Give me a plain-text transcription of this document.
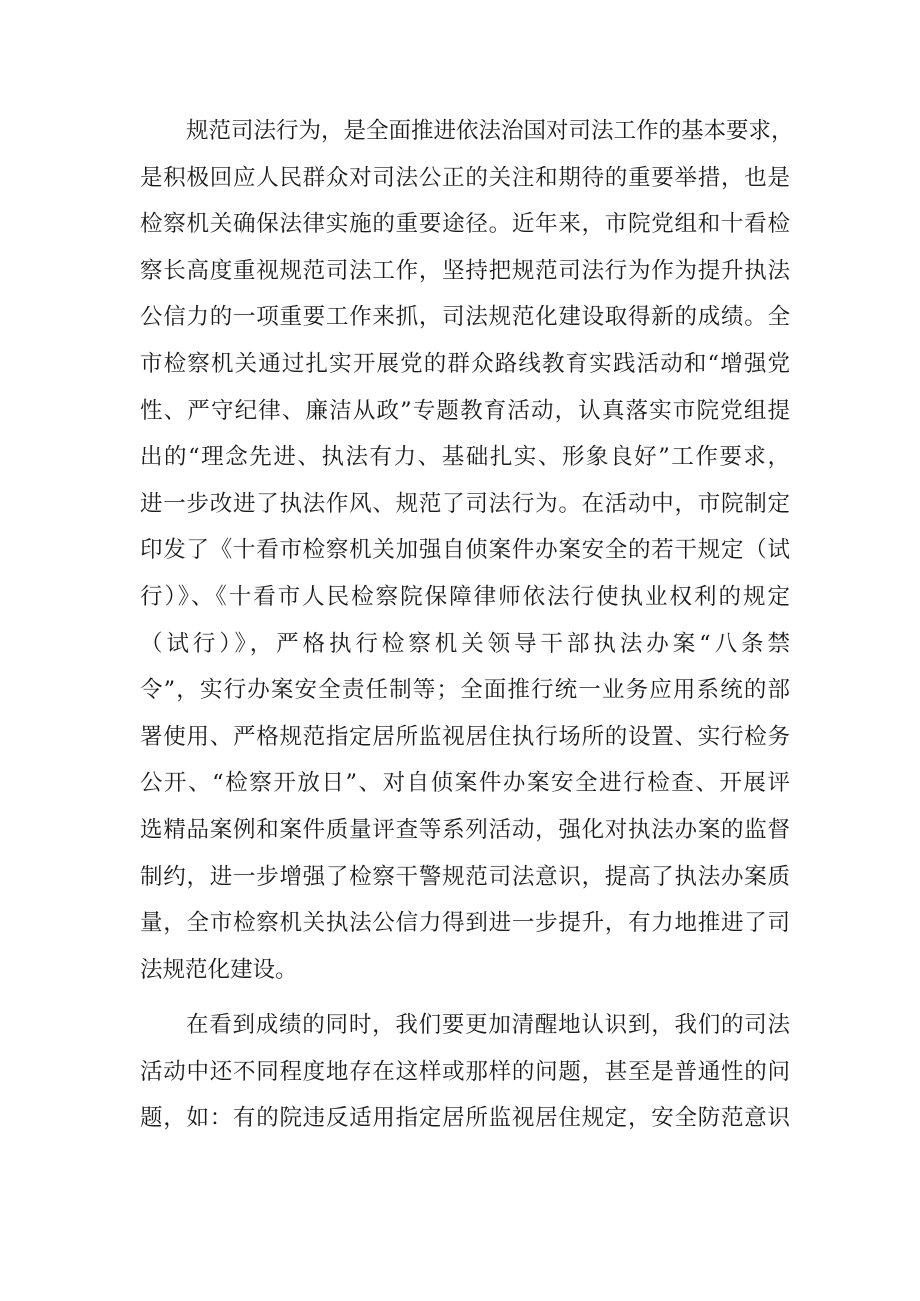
规范司法行为，是全面推进依法治国对司法工作的基本要求，
是积极回应人民群众对司法公正的关注和期待的重要举措，也是
检察机关确保法律实施的重要途径。近年来，市院党组和十看检
察长高度重视规范司法工作，坚持把规范司法行为作为提升执法
公信力的一项重要工作来抓，司法规范化建设取得新的成绩。全
市检察机关通过扎实开展党的群众路线教育实践活动和“增强党
性、严守纪律、廉洁从政”专题教育活动，认真落实市院党组提
出的“理念先进、执法有力、基础扎实、形象良好”工作要求，
进一步改进了执法作风、规范了司法行为。在活动中，市院制定
印发了《十看市检察机关加强自侦案件办案安全的若干规定（试
行）》、《十看市人民检察院保障律师依法行使执业权利的规定
（试行）》，严格执行检察机关领导干部执法办案“八条禁
令”，实行办案安全责任制等；全面推行统一业务应用系统的部
署使用、严格规范指定居所监视居住执行场所的设置、实行检务
公开、“检察开放日”、对自侦案件办案安全进行检查、开展评
选精品案例和案件质量评查等系列活动，强化对执法办案的监督
制约，进一步增强了检察干警规范司法意识，提高了执法办案质
量，全市检察机关执法公信力得到进一步提升，有力地推进了司
法规范化建设。
在看到成绩的同时，我们要更加清醒地认识到，我们的司法
活动中还不同程度地存在这样或那样的问题，甚至是普通性的问
题，如：有的院违反适用指定居所监视居住规定，安全防范意识
